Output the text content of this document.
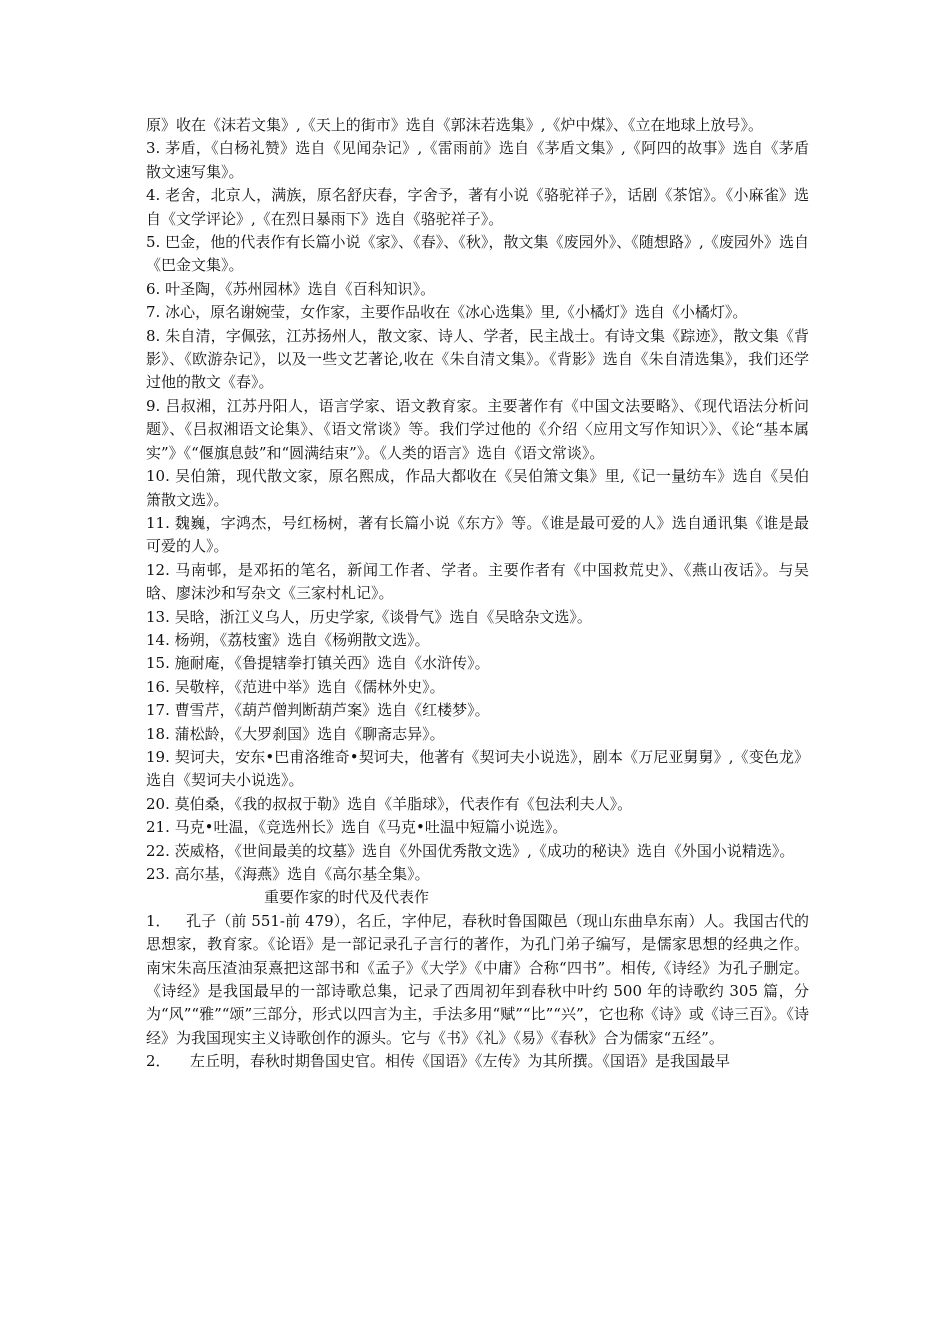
原》收在《沫若文集》,《天上的街市》选自《郭沫若选集》,《炉中煤》、《立在地球上放号》。

3. 茅盾，《白杨礼赞》选自《见闻杂记》,《雷雨前》选自《茅盾文集》,《阿四的故事》选自《茅盾散文速写集》。

4. 老舍，北京人，满族，原名舒庆春，字舍予，著有小说《骆驼祥子》，话剧《茶馆》。《小麻雀》选自《文学评论》,《在烈日暴雨下》选自《骆驼祥子》。

5. 巴金，他的代表作有长篇小说《家》、《春》、《秋》，散文集《废园外》、《随想路》,《废园外》选自《巴金文集》。

6. 叶圣陶，《苏州园林》选自《百科知识》。

7. 冰心，原名谢婉莹，女作家，主要作品收在《冰心选集》里,《小橘灯》选自《小橘灯》。

8. 朱自清，字佩弦，江苏扬州人，散文家、诗人、学者，民主战士。有诗文集《踪迹》，散文集《背影》、《欧游杂记》，以及一些文艺著论,收在《朱自清文集》。《背影》选自《朱自清选集》，我们还学过他的散文《春》。

9. 吕叔湘，江苏丹阳人，语言学家、语文教育家。主要著作有《中国文法要略》、《现代语法分析问题》、《吕叔湘语文论集》、《语文常谈》等。我们学过他的《介绍〈应用文写作知识〉》、《论“基本属实”》《“偃旗息鼓”和“圆满结束”》。《人类的语言》选自《语文常谈》。

10. 吴伯箫，现代散文家，原名熙成，作品大都收在《吴伯箫文集》里,《记一量纺车》选自《吴伯箫散文选》。

11. 魏巍，字鸿杰，号红杨树，著有长篇小说《东方》等。《谁是最可爱的人》选自通讯集《谁是最可爱的人》。

12. 马南邨，是邓拓的笔名，新闻工作者、学者。主要作者有《中国救荒史》、《燕山夜话》。与吴晗、廖沫沙和写杂文《三家村札记》。

13. 吴晗，浙江义乌人，历史学家,《谈骨气》选自《吴晗杂文选》。

14. 杨朔，《荔枝蜜》选自《杨朔散文选》。

15. 施耐庵，《鲁提辖拳打镇关西》选自《水浒传》。

16. 吴敬梓，《范进中举》选自《儒林外史》。

17. 曹雪芹，《葫芦僧判断葫芦案》选自《红楼梦》。

18. 蒲松龄，《大罗刹国》选自《聊斋志异》。

19. 契诃夫，安东•巴甫洛维奇•契诃夫，他著有《契诃夫小说选》，剧本《万尼亚舅舅》,《变色龙》选自《契诃夫小说选》。

20. 莫伯桑，《我的叔叔于勒》选自《羊脂球》，代表作有《包法利夫人》。

21. 马克•吐温，《竞选州长》选自《马克•吐温中短篇小说选》。

22. 茨威格，《世间最美的坟墓》选自《外国优秀散文选》,《成功的秘诀》选自《外国小说精选》。

23. 高尔基，《海燕》选自《高尔基全集》。

重要作家的时代及代表作

1． 孔子（前 551-前 479），名丘，字仲尼，春秋时鲁国陬邑（现山东曲阜东南）人。我国古代的思想家，教育家。《论语》是一部记录孔子言行的著作，为孔门弟子编写，是儒家思想的经典之作。南宋朱高压渣油泵熹把这部书和《孟子》《大学》《中庸》合称“四书”。相传,《诗经》为孔子删定。《诗经》是我国最早的一部诗歌总集，记录了西周初年到春秋中叶约 500 年的诗歌约 305 篇，分为“风”“雅”“颂”三部分，形式以四言为主，手法多用“赋”“比”“兴”，它也称《诗》或《诗三百》。《诗经》为我国现实主义诗歌创作的源头。它与《书》《礼》《易》《春秋》合为儒家“五经”。

2． 左丘明，春秋时期鲁国史官。相传《国语》《左传》为其所撰。《国语》是我国最早
